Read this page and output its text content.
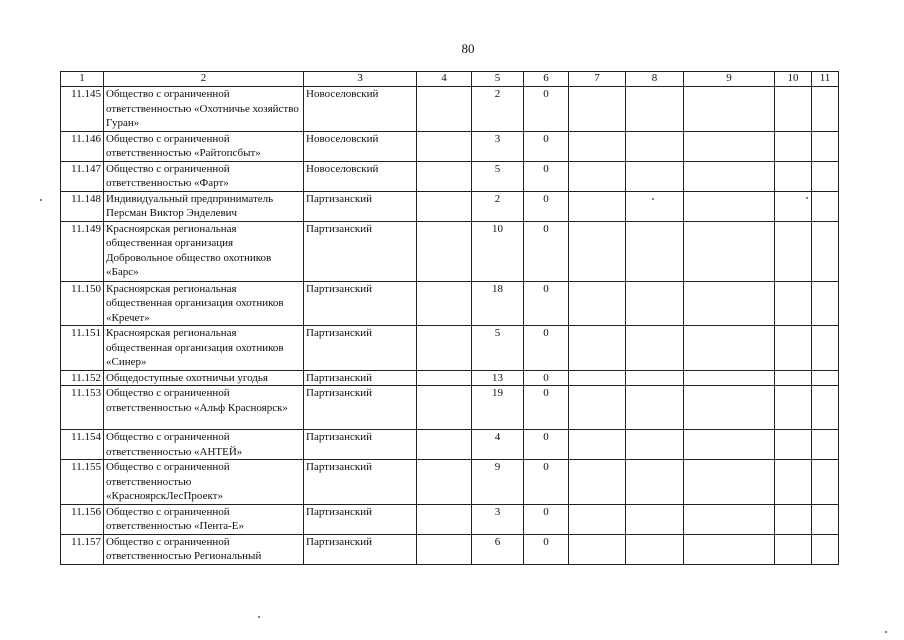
80
1	2	3	4	5	6	7	8	9	10	11
11.145	Общество с ограниченной ответственностью «Охотничье хозяйство Гуран»	Новоселовский		2	0					
11.146	Общество с ограниченной ответственностью «Райтопсбыт»	Новоселовский		3	0					
11.147	Общество с ограниченной ответственностью «Фарт»	Новоселовский		5	0					
11.148	Индивидуальный предприниматель Персман Виктор Энделевич	Партизанский		2	0					
11.149	Красноярская региональная общественная организация Добровольное общество охотников «Барс»	Партизанский		10	0					
11.150	Красноярская региональная общественная организация охотников «Кречет»	Партизанский		18	0					
11.151	Красноярская региональная общественная организация охотников «Синер»	Партизанский		5	0					
11.152	Общедоступные охотничьи угодья	Партизанский		13	0					
11.153	Общество с ограниченной ответственностью «Альф Красноярск»	Партизанский		19	0					
11.154	Общество с ограниченной ответственностью «АНТЕЙ»	Партизанский		4	0					
11.155	Общество с ограниченной ответственностью «КрасноярскЛесПроект»	Партизанский		9	0					
11.156	Общество с ограниченной ответственностью «Пента-Е»	Партизанский		3	0					
11.157	Общество с ограниченной ответственностью Региональный	Партизанский		6	0					
